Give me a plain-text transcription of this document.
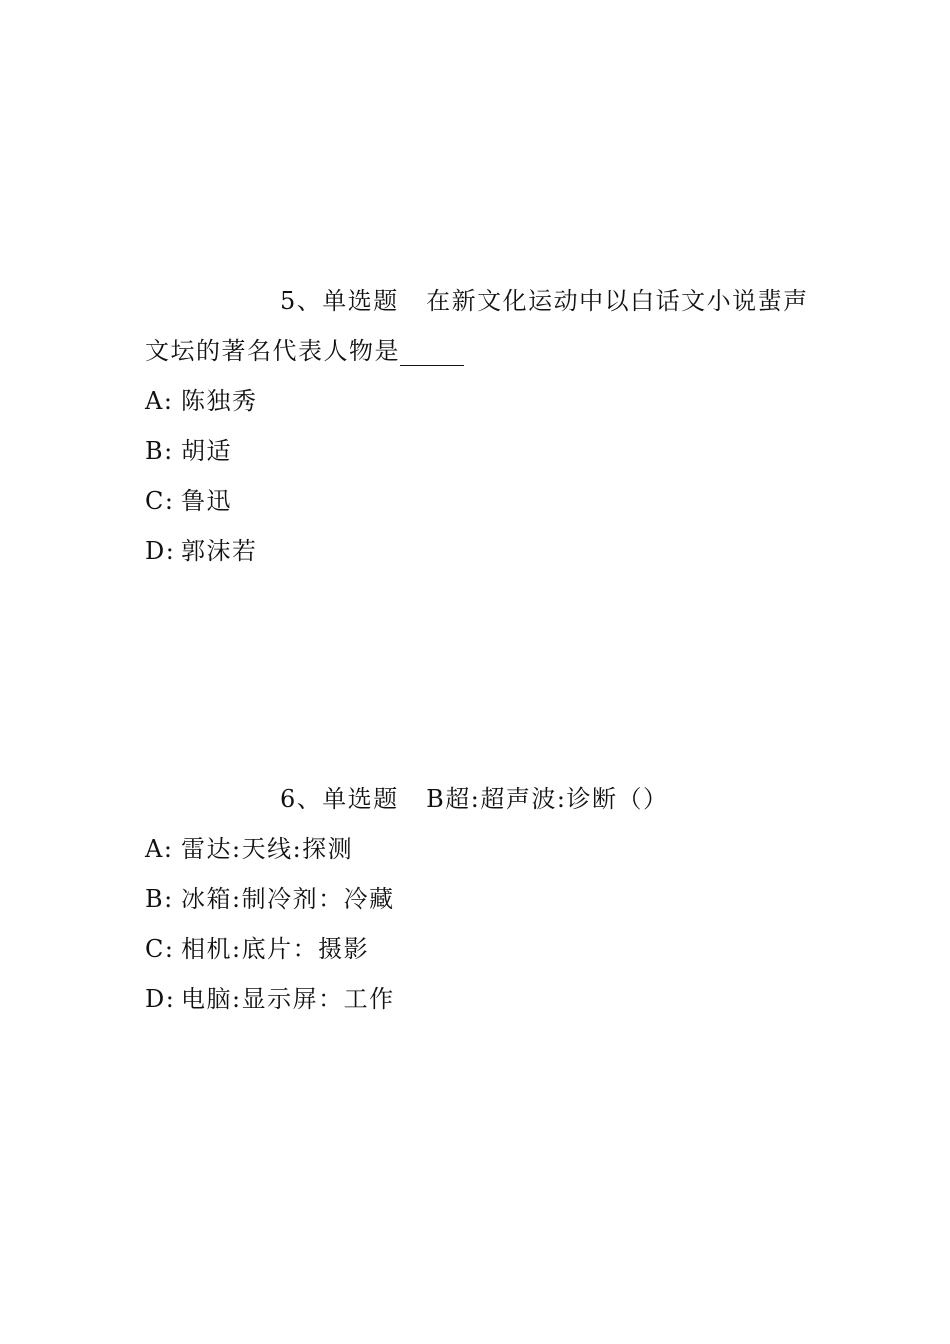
5、单选题 在新文化运动中以白话文小说蜚声
文坛的著名代表人物是
A: 陈独秀
B: 胡适
C: 鲁迅
D: 郭沫若
6、单选题 B超:超声波:诊断（）
A: 雷达:天线:探测
B: 冰箱:制冷剂：冷藏
C: 相机:底片：摄影
D: 电脑:显示屏：工作
